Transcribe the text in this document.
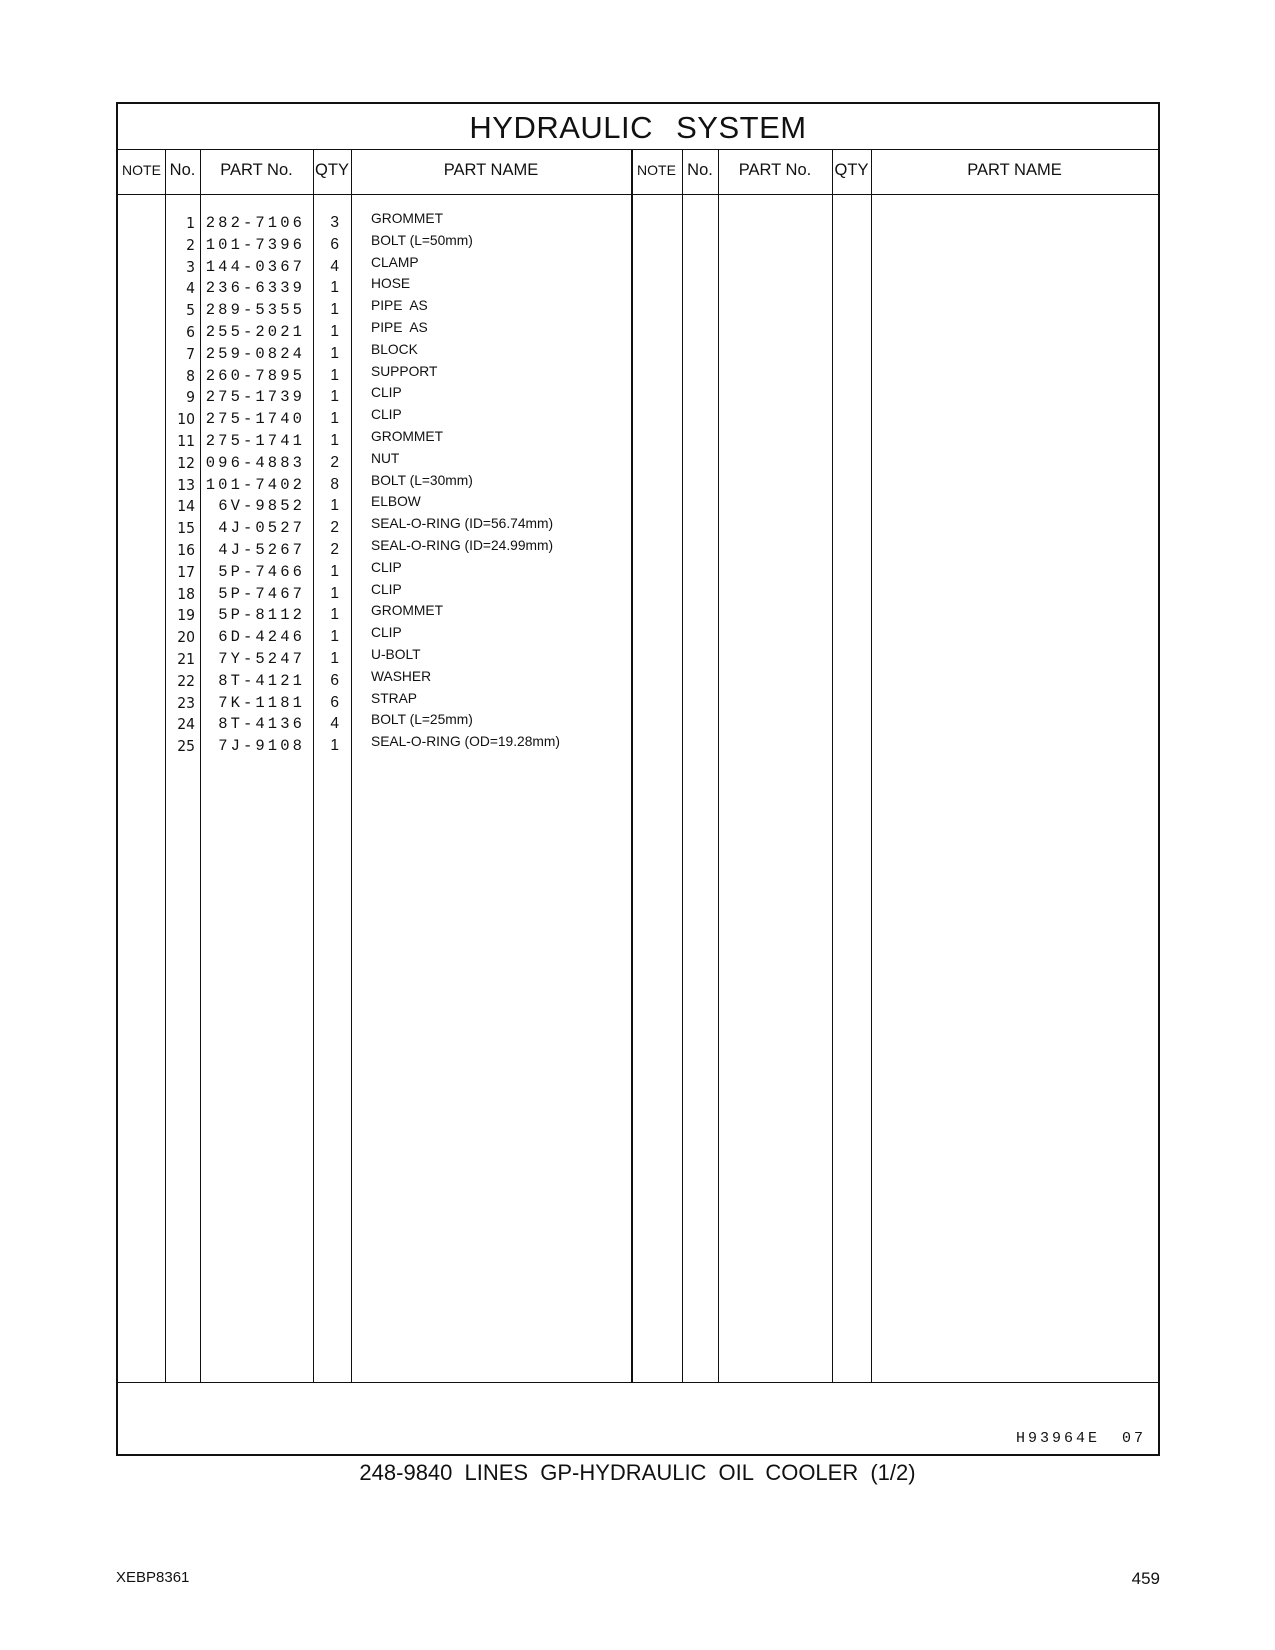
HYDRAULIC SYSTEM
NOTE No.	PART No.	QTY	PART NAME	NOTE No.	PART No.	QTY	PART NAME
1 282-7106	3 GROMMET
2 101-7396	6 BOLT (L=50mm)
3 144-0367	4 CLAMP
4 236-6339	1 HOSE
5 289-5355	1 PIPE  AS
6 255-2021	1 PIPE  AS
7 259-0824	1 BLOCK
8 260-7895	1 SUPPORT
9 275-1739	1 CLIP
10 275-1740	1 CLIP
11 275-1741	1 GROMMET
12 096-4883	2 NUT
13 101-7402	8 BOLT (L=30mm)
14	6V-9852	1 ELBOW
15	4J-0527	2 SEAL-O-RING (ID=56.74mm)
16	4J-5267	2 SEAL-O-RING (ID=24.99mm)
17	5P-7466	1 CLIP
18	5P-7467	1 CLIP
19	5P-8112	1 GROMMET
20	6D-4246	1 CLIP
21	7Y-5247	1 U-BOLT
22	8T-4121	6 WASHER
23	7K-1181	6 STRAP
24	8T-4136	4 BOLT (L=25mm)
25	7J-9108	1 SEAL-O-RING (OD=19.28mm)
H93964E 07
248-9840 LINES GP-HYDRAULIC OIL COOLER (1/2)
XEBP8361	459
